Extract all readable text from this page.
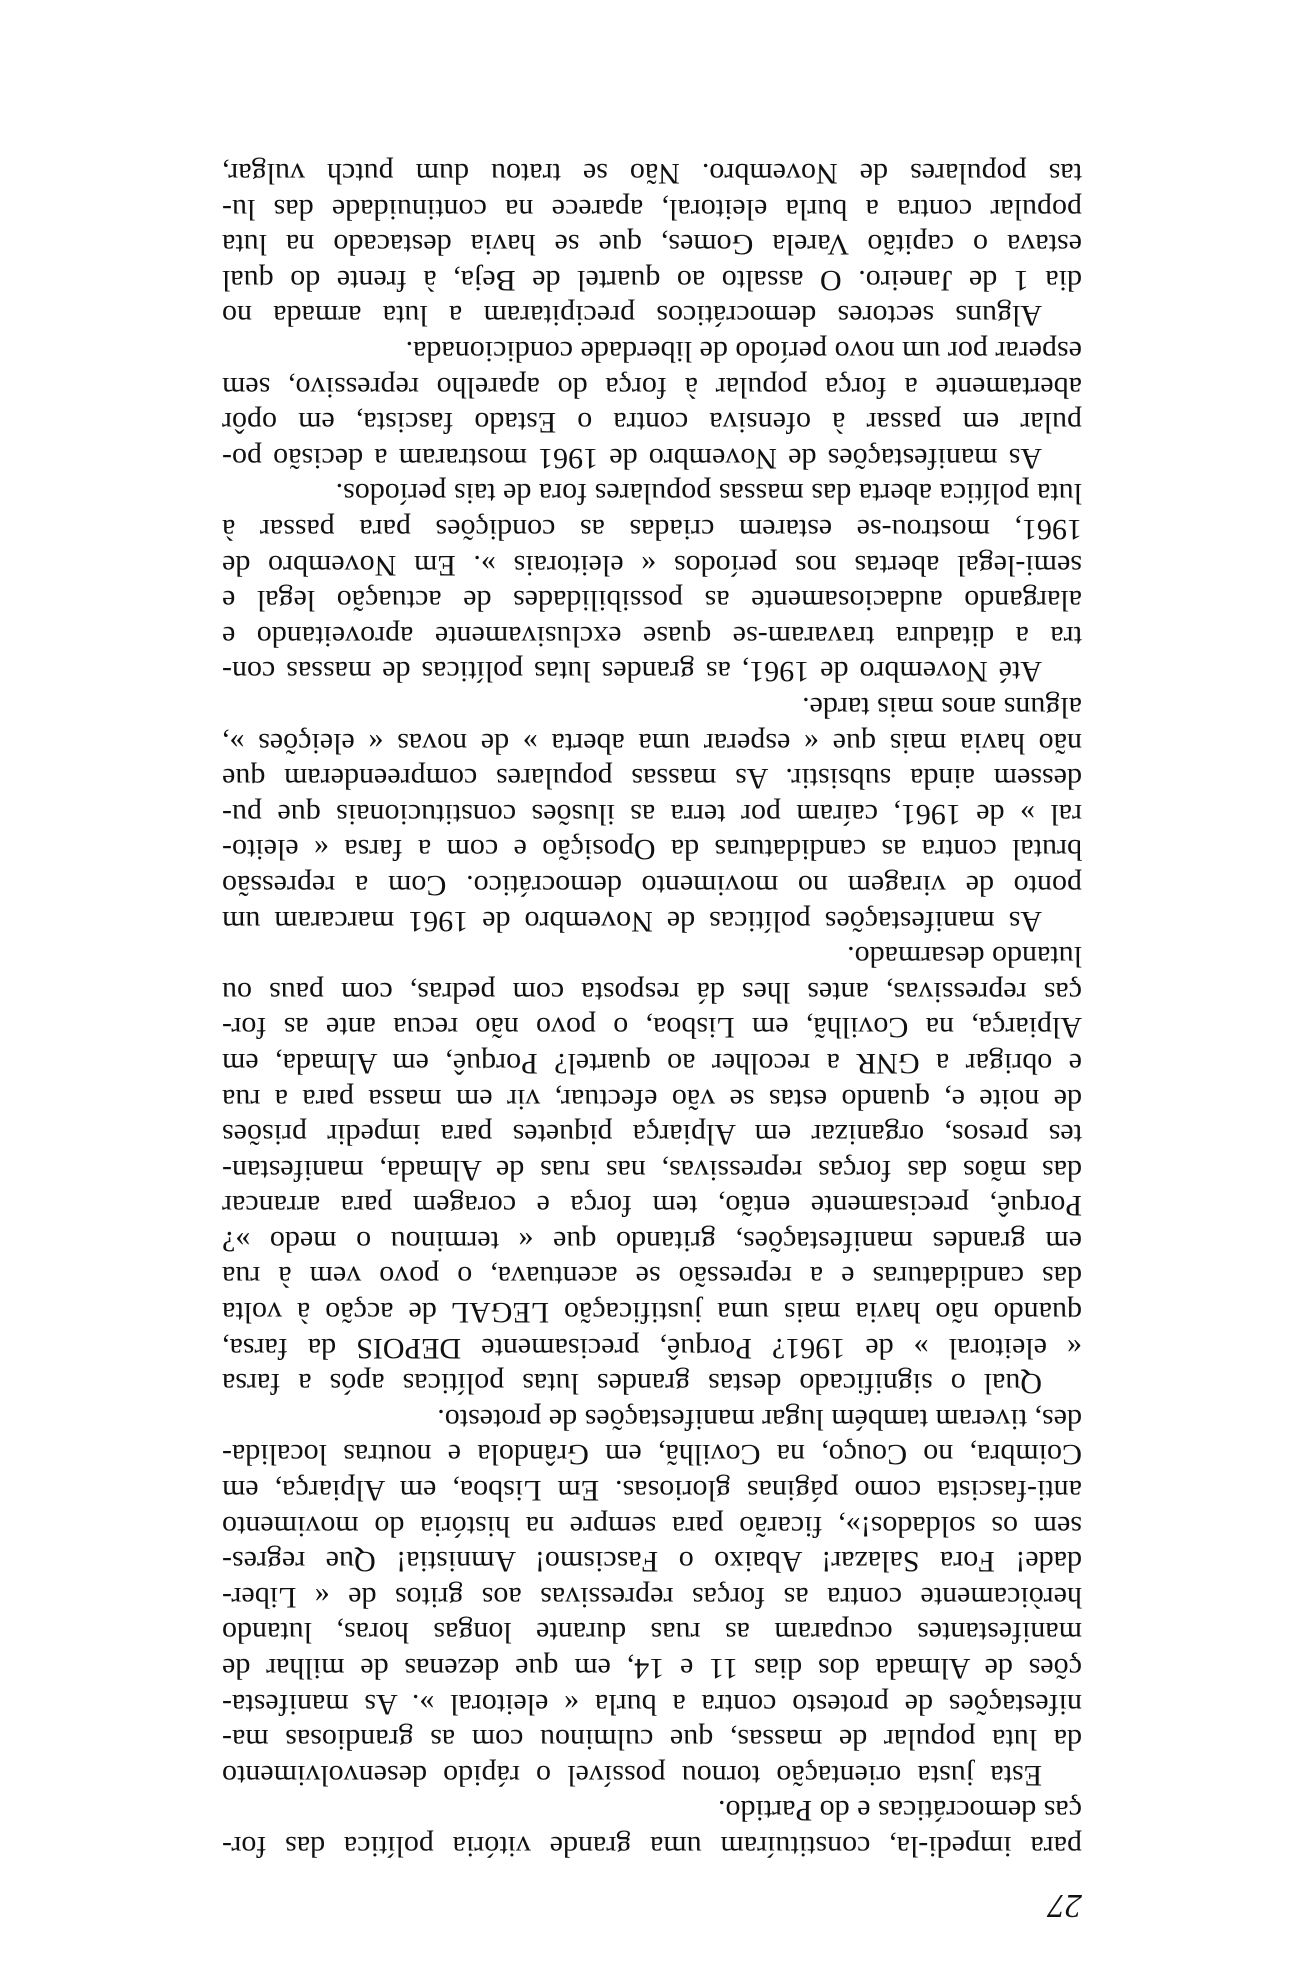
27
para impedi-la, constituíram uma grande vitória política das for-
ças democráticas e do Partido.
Esta justa orientação tornou possível o rápido desenvolvimento
da luta popular de massas, que culminou com as grandiosas ma-
nifestações de protesto contra a burla « eleitoral ». As manifesta-
ções de Almada dos dias 11 e 14, em que dezenas de milhar de
manifestantes ocuparam as ruas durante longas horas, lutando
heròicamente contra as forças repressivas aos gritos de « Liber-
dade! Fora Salazar! Abaixo o Fascismo! Amnistia! Que regres-
sem os soldados!», ficarão para sempre na história do movimento
anti-fascista como páginas gloriosas. Em Lisboa, em Alpiarça, em
Coimbra, no Couço, na Covilhã, em Grândola e noutras localida-
des, tiveram também lugar manifestações de protesto.
Qual o significado destas grandes lutas políticas após a farsa
« eleitoral » de 1961? Porquê, precisamente DEPOIS da farsa,
quando não havia mais uma justificação LEGAL de acção à volta
das candidaturas e a repressão se acentuava, o povo vem à rua
em grandes manifestações, gritando que « terminou o medo »?
Porquê, precisamente então, tem força e coragem para arrancar
das mãos das forças repressivas, nas ruas de Almada, manifestan-
tes presos, organizar em Alpiarça piquetes para impedir prisões
de noite e, quando estas se vão efectuar, vir em massa para a rua
e obrigar a GNR a recolher ao quartel? Porquê, em Almada, em
Alpiarça, na Covilhã, em Lisboa, o povo não recua ante as for-
ças repressivas, antes lhes dá resposta com pedras, com paus ou
lutando desarmado.
As manifestações políticas de Novembro de 1961 marcaram um
ponto de viragem no movimento democrático. Com a repressão
brutal contra as candidaturas da Oposição e com a farsa « eleito-
ral » de 1961, caíram por terra as ilusões constitucionais que pu-
dessem ainda subsistir. As massas populares compreenderam que
não havia mais que « esperar uma aberta » de novas « eleições »,
alguns anos mais tarde.
Até Novembro de 1961, as grandes lutas políticas de massas con-
tra a ditadura travaram-se quase exclusivamente aproveitando e
alargando audaciosamente as possibilidades de actuação legal e
semi-legal abertas nos períodos « eleitorais ». Em Novembro de
1961, mostrou-se estarem criadas as condições para passar à
luta política aberta das massas populares fora de tais períodos.
As manifestações de Novembro de 1961 mostraram a decisão po-
pular em passar à ofensiva contra o Estado fascista, em opôr
abertamente a força popular à força do aparelho repressivo, sem
esperar por um novo período de liberdade condicionada.
Alguns sectores democráticos precipitaram a luta armada no
dia 1 de Janeiro. O assalto ao quartel de Beja, à frente do qual
estava o capitão Varela Gomes, que se havia destacado na luta
popular contra a burla eleitoral, aparece na continuidade das lu-
tas populares de Novembro. Não se tratou dum putch vulgar,
